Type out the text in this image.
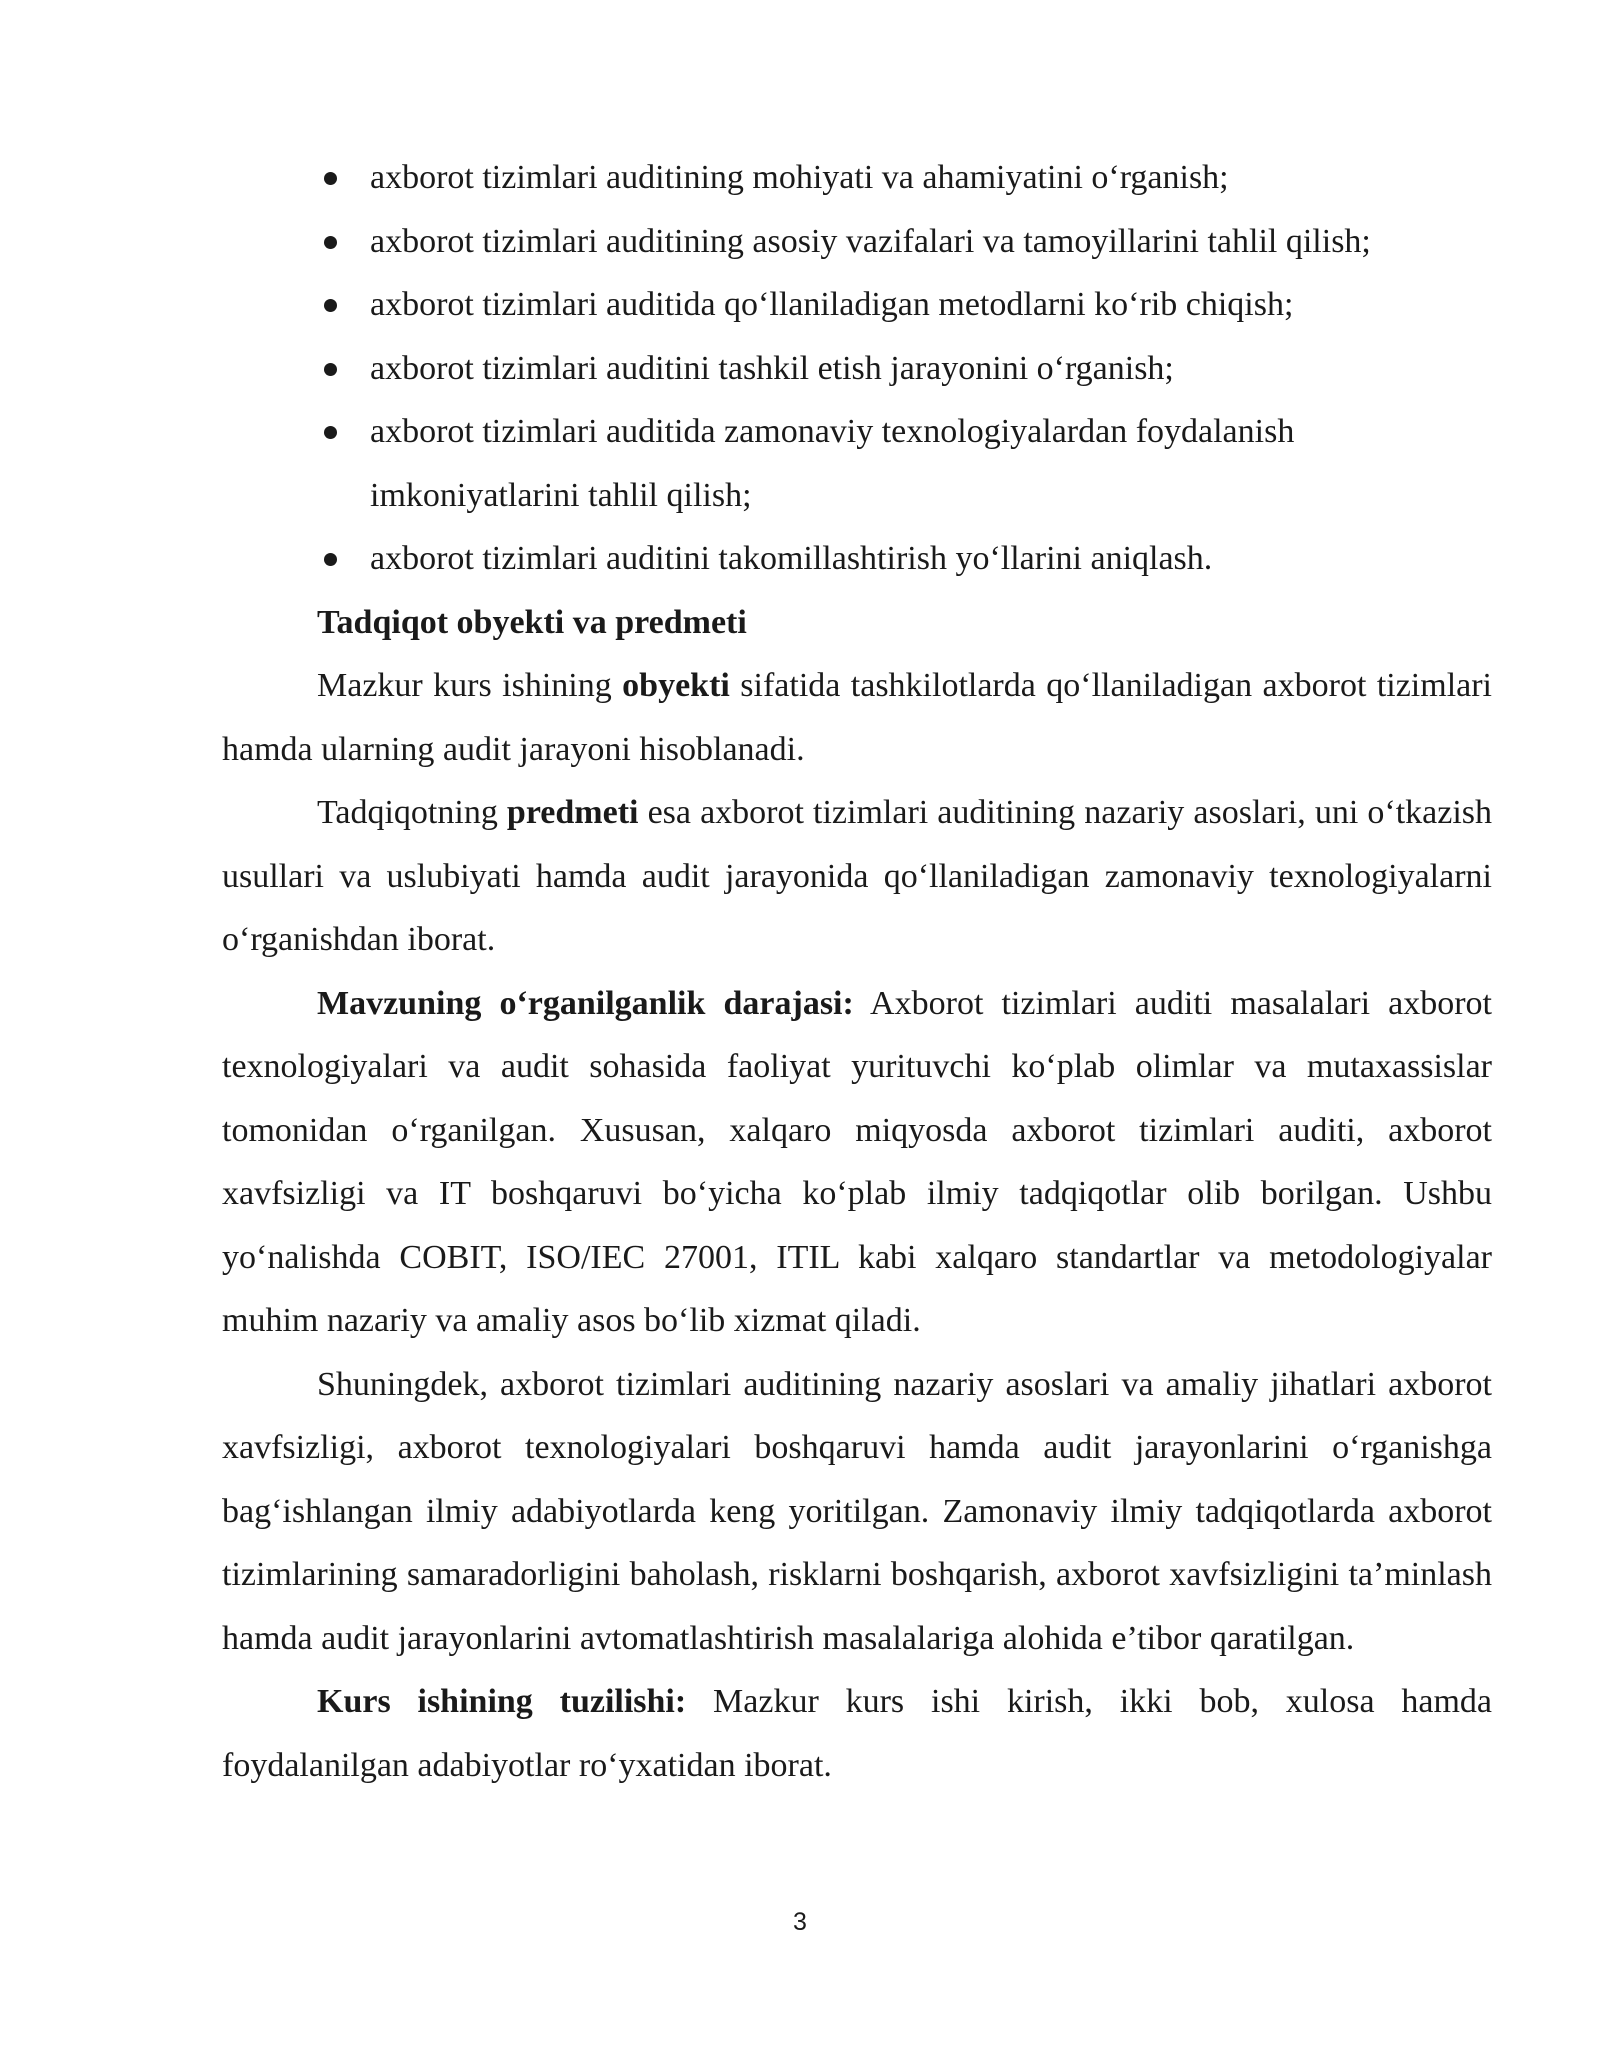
axborot tizimlari auditining mohiyati va ahamiyatini o‘rganish;
axborot tizimlari auditining asosiy vazifalari va tamoyillarini tahlil qilish;
axborot tizimlari auditida qo‘llaniladigan metodlarni ko‘rib chiqish;
axborot tizimlari auditini tashkil etish jarayonini o‘rganish;
axborot tizimlari auditida zamonaviy texnologiyalardan foydalanish imkoniyatlarini tahlil qilish;
axborot tizimlari auditini takomillashtirish yo‘llarini aniqlash.

Tadqiqot obyekti va predmeti

Mazkur kurs ishining obyekti sifatida tashkilotlarda qo‘llaniladigan axborot tizimlari hamda ularning audit jarayoni hisoblanadi.

Tadqiqotning predmeti esa axborot tizimlari auditining nazariy asoslari, uni o‘tkazish usullari va uslubiyati hamda audit jarayonida qo‘llaniladigan zamonaviy texnologiyalarni o‘rganishdan iborat.

Mavzuning o‘rganilganlik darajasi: Axborot tizimlari auditi masalalari axborot texnologiyalari va audit sohasida faoliyat yurituvchi ko‘plab olimlar va mutaxassislar tomonidan o‘rganilgan. Xususan, xalqaro miqyosda axborot tizimlari auditi, axborot xavfsizligi va IT boshqaruvi bo‘yicha ko‘plab ilmiy tadqiqotlar olib borilgan. Ushbu yo‘nalishda COBIT, ISO/IEC 27001, ITIL kabi xalqaro standartlar va metodologiyalar muhim nazariy va amaliy asos bo‘lib xizmat qiladi.

Shuningdek, axborot tizimlari auditining nazariy asoslari va amaliy jihatlari axborot xavfsizligi, axborot texnologiyalari boshqaruvi hamda audit jarayonlarini o‘rganishga bag‘ishlangan ilmiy adabiyotlarda keng yoritilgan. Zamonaviy ilmiy tadqiqotlarda axborot tizimlarining samaradorligini baholash, risklarni boshqarish, axborot xavfsizligini ta’minlash hamda audit jarayonlarini avtomatlashtirish masalalariga alohida e’tibor qaratilgan.

Kurs ishining tuzilishi: Mazkur kurs ishi kirish, ikki bob, xulosa hamda foydalanilgan adabiyotlar ro‘yxatidan iborat.

3
